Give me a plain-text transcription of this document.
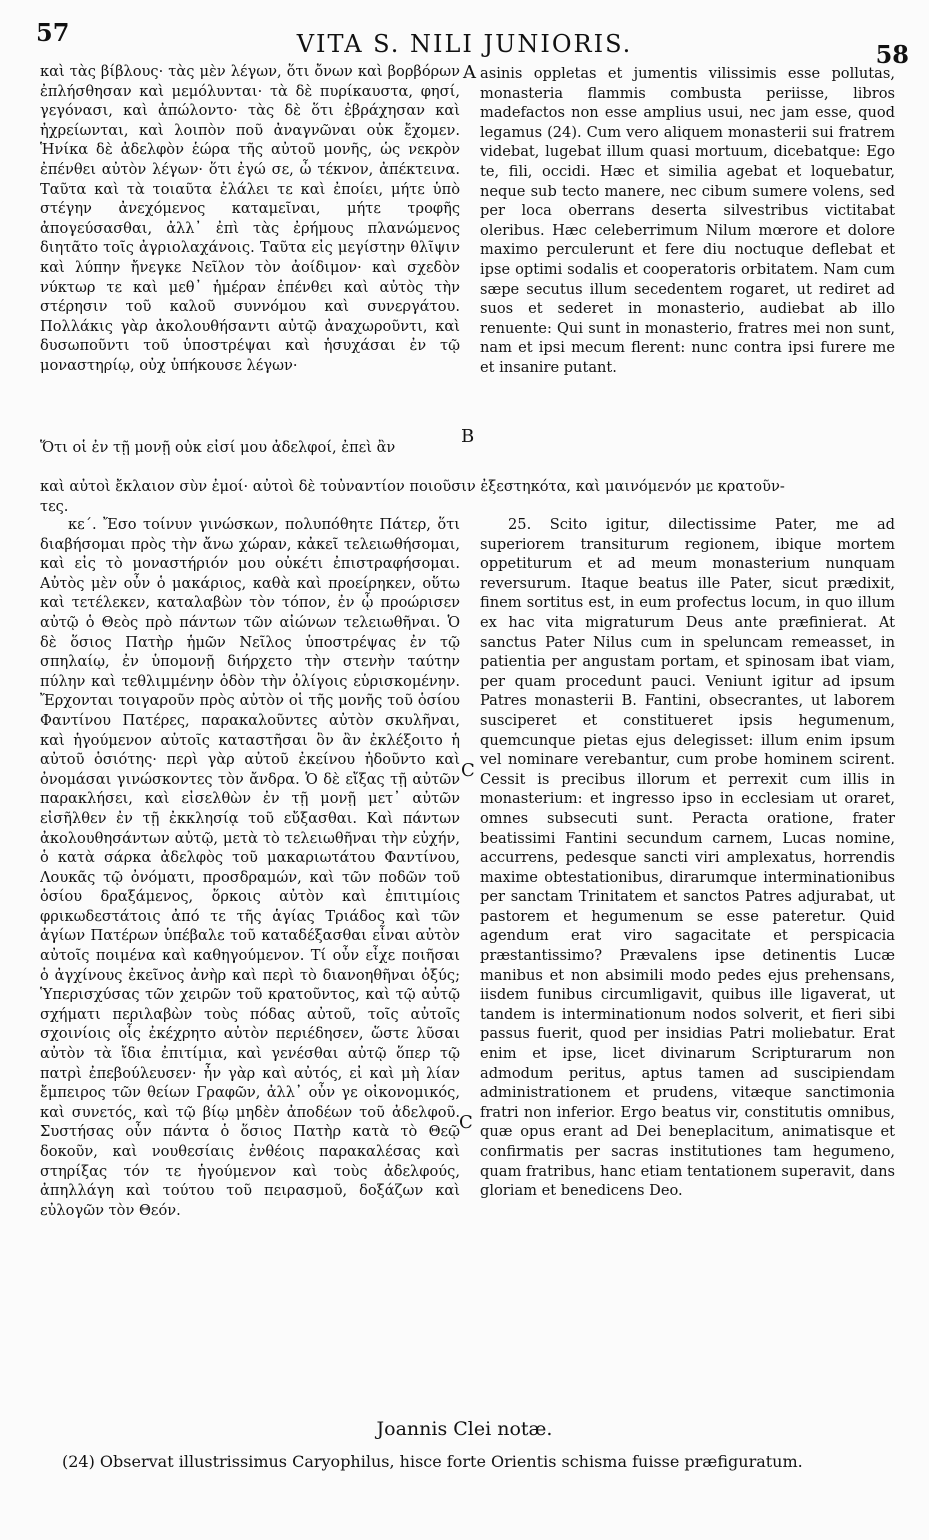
57	VITA S. NILI JUNIORIS.	58

καὶ τὰς βίβλους· τὰς μὲν λέγων, ὅτι ὄνων καὶ βορβόρων ἐπλήσθησαν καὶ μεμόλυνται· τὰ δὲ πυρίκαυστα, φησί, γεγόνασι, καὶ ἀπώλοντο· τὰς δὲ ὅτι ἐβράχησαν καὶ ἠχρείωνται, καὶ λοιπὸν ποῦ ἀναγνῶναι οὐκ ἔχομεν. Ἡνίκα δὲ ἀδελφὸν ἑώρα τῆς αὐτοῦ μονῆς, ὡς νεκρὸν ἐπένθει αὐτὸν λέγων· ὅτι ἐγώ σε, ὦ τέκνον, ἀπέκτεινα. Ταῦτα καὶ τὰ τοιαῦτα ἐλάλει τε καὶ ἐποίει, μήτε ὑπὸ στέγην ἀνεχόμενος καταμεῖναι, μήτε τροφῆς ἀπογεύσασθαι, ἀλλ᾽ ἐπὶ τὰς ἐρήμους πλανώμενος διητᾶτο τοῖς ἀγριολαχάνοις. Ταῦτα εἰς μεγίστην θλῖψιν καὶ λύπην ἤνεγκε Νεῖλον τὸν ἀοίδιμον· καὶ σχεδὸν νύκτωρ τε καὶ μεθ᾽ ἡμέραν ἐπένθει καὶ αὐτὸς τὴν στέρησιν τοῦ καλοῦ συννόμου καὶ συνεργάτου. Πολλάκις γὰρ ἀκολουθήσαντι αὐτῷ ἀναχωροῦντι, καὶ δυσωποῦντι τοῦ ὑποστρέψαι καὶ ἡσυχάσαι ἐν τῷ μοναστηρίῳ, οὐχ ὑπήκουσε λέγων·

Ὅτι οἱ ἐν τῇ μονῇ οὐκ εἰσί μου ἀδελφοί, ἐπεὶ ἂν

asinis oppletas et jumentis vilissimis esse pollutas, monasteria flammis combusta periisse, libros madefactos non esse amplius usui, nec jam esse, quod legamus (24). Cum vero aliquem monasterii sui fratrem videbat, lugebat illum quasi mortuum, dicebatque: Ego te, fili, occidi. Hæc et similia agebat et loquebatur, neque sub tecto manere, nec cibum sumere volens, sed per loca oberrans deserta silvestribus victitabat oleribus. Hæc celeberrimum Nilum mœrore et dolore maximo perculerunt et fere diu noctuque deflebat et ipse optimi sodalis et cooperatoris orbitatem. Nam cum sæpe secutus illum secedentem rogaret, ut rediret ad suos et sederet in monasterio, audiebat ab illo renuente: Qui sunt in monasterio, fratres mei non sunt, nam et ipsi mecum flerent: nunc contra ipsi furere me et insanire putant.

καὶ αὐτοὶ ἔκλαιον σὺν ἐμοί· αὐτοὶ δὲ τοὐναντίον ποιοῦσιν ἐξεστηκότα, καὶ μαινόμενόν με κρατοῦν-
τες.

κε΄. Ἔσο τοίνυν γινώσκων, πολυπόθητε Πάτερ, ὅτι διαβήσομαι πρὸς τὴν ἄνω χώραν, κἀκεῖ τελειωθήσομαι, καὶ εἰς τὸ μοναστήριόν μου οὐκέτι ἐπιστραφήσομαι. Αὐτὸς μὲν οὖν ὁ μακάριος, καθὰ καὶ προείρηκεν, οὕτω καὶ τετέλεκεν, καταλαβὼν τὸν τόπον, ἐν ᾧ προώρισεν αὐτῷ ὁ Θεὸς πρὸ πάντων τῶν αἰώνων τελειωθῆναι. Ὁ δὲ ὅσιος Πατὴρ ἡμῶν Νεῖλος ὑποστρέψας ἐν τῷ σπηλαίῳ, ἐν ὑπομονῇ διήρχετο τὴν στενὴν ταύτην πύλην καὶ τεθλιμμένην ὁδὸν τὴν ὀλίγοις εὑρισκομένην. Ἔρχονται τοιγαροῦν πρὸς αὐτὸν οἱ τῆς μονῆς τοῦ ὁσίου Φαντίνου Πατέρες, παρακαλοῦντες αὐτὸν σκυλῆναι, καὶ ἡγούμενον αὐτοῖς καταστῆσαι ὃν ἂν ἐκλέξοιτο ἡ αὐτοῦ ὁσιότης· περὶ γὰρ αὐτοῦ ἐκείνου ἠδοῦντο καὶ ὀνομάσαι γινώσκοντες τὸν ἄνδρα. Ὁ δὲ εἴξας τῇ αὐτῶν παρακλήσει, καὶ εἰσελθὼν ἐν τῇ μονῇ μετ᾽ αὐτῶν εἰσῆλθεν ἐν τῇ ἐκκλησίᾳ τοῦ εὔξασθαι. Καὶ πάντων ἀκολουθησάντων αὐτῷ, μετὰ τὸ τελειωθῆναι τὴν εὐχήν, ὁ κατὰ σάρκα ἀδελφὸς τοῦ μακαριωτάτου Φαντίνου, Λουκᾶς τῷ ὀνόματι, προσδραμών, καὶ τῶν ποδῶν τοῦ ὁσίου δραξάμενος, ὅρκοις αὐτὸν καὶ ἐπιτιμίοις φρικωδεστάτοις ἀπό τε τῆς ἁγίας Τριάδος καὶ τῶν ἁγίων Πατέρων ὑπέβαλε τοῦ καταδέξασθαι εἶναι αὐτὸν αὐτοῖς ποιμένα καὶ καθηγούμενον. Τί οὖν εἶχε ποιῆσαι ὁ ἀγχίνους ἐκεῖνος ἀνὴρ καὶ περὶ τὸ διανοηθῆναι ὀξύς; Ὑπερισχύσας τῶν χειρῶν τοῦ κρατοῦντος, καὶ τῷ αὐτῷ σχήματι περιλαβὼν τοὺς πόδας αὐτοῦ, τοῖς αὐτοῖς σχοινίοις οἷς ἐκέχρητο αὐτὸν περιέδησεν, ὥστε λῦσαι αὐτὸν τὰ ἴδια ἐπιτίμια, καὶ γενέσθαι αὐτῷ ὅπερ τῷ πατρὶ ἐπεβούλευσεν· ἦν γὰρ καὶ αὐτός, εἰ καὶ μὴ λίαν ἔμπειρος τῶν θείων Γραφῶν, ἀλλ᾽ οὖν γε οἰκονομικός, καὶ συνετός, καὶ τῷ βίῳ μηδὲν ἀποδέων τοῦ ἀδελφοῦ. Συστήσας οὖν πάντα ὁ ὅσιος Πατὴρ κατὰ τὸ Θεῷ δοκοῦν, καὶ νουθεσίαις ἐνθέοις παρακαλέσας καὶ στηρίξας τόν τε ἡγούμενον καὶ τοὺς ἀδελφούς, ἀπηλλάγη καὶ τούτου τοῦ πειρασμοῦ, δοξάζων καὶ εὐλογῶν τὸν Θεόν.

25. Scito igitur, dilectissime Pater, me ad superiorem transiturum regionem, ibique mortem oppetiturum et ad meum monasterium nunquam reversurum. Itaque beatus ille Pater, sicut prædixit, finem sortitus est, in eum profectus locum, in quo illum ex hac vita migraturum Deus ante præfinierat. At sanctus Pater Nilus cum in speluncam remeasset, in patientia per angustam portam, et spinosam ibat viam, per quam procedunt pauci. Veniunt igitur ad ipsum Patres monasterii B. Fantini, obsecrantes, ut laborem susciperet et constitueret ipsis hegumenum, quemcunque pietas ejus delegisset: illum enim ipsum vel nominare verebantur, cum probe hominem scirent. Cessit is precibus illorum et perrexit cum illis in monasterium: et ingresso ipso in ecclesiam ut oraret, omnes subsecuti sunt. Peracta oratione, frater beatissimi Fantini secundum carnem, Lucas nomine, accurrens, pedesque sancti viri amplexatus, horrendis maxime obtestationibus, dirarumque interminationibus per sanctam Trinitatem et sanctos Patres adjurabat, ut pastorem et hegumenum se esse pateretur. Quid agendum erat viro sagacitate et perspicacia præstantissimo? Prævalens ipse detinentis Lucæ manibus et non absimili modo pedes ejus prehensans, iisdem funibus circumligavit, quibus ille ligaverat, ut tandem is interminationum nodos solverit, et fieri sibi passus fuerit, quod per insidias Patri moliebatur. Erat enim et ipse, licet divinarum Scripturarum non admodum peritus, aptus tamen ad suscipiendam administrationem et prudens, vitæque sanctimonia fratri non inferior. Ergo beatus vir, constitutis omnibus, quæ opus erant ad Dei beneplacitum, animatisque et confirmatis per sacras institutiones tam hegumeno, quam fratribus, hanc etiam tentationem superavit, dans gloriam et benedicens Deo.

A
B
C
C
Joannis Clei notæ.
(24) Observat illustrissimus Caryophilus, hisce forte Orientis schisma fuisse præfiguratum.
